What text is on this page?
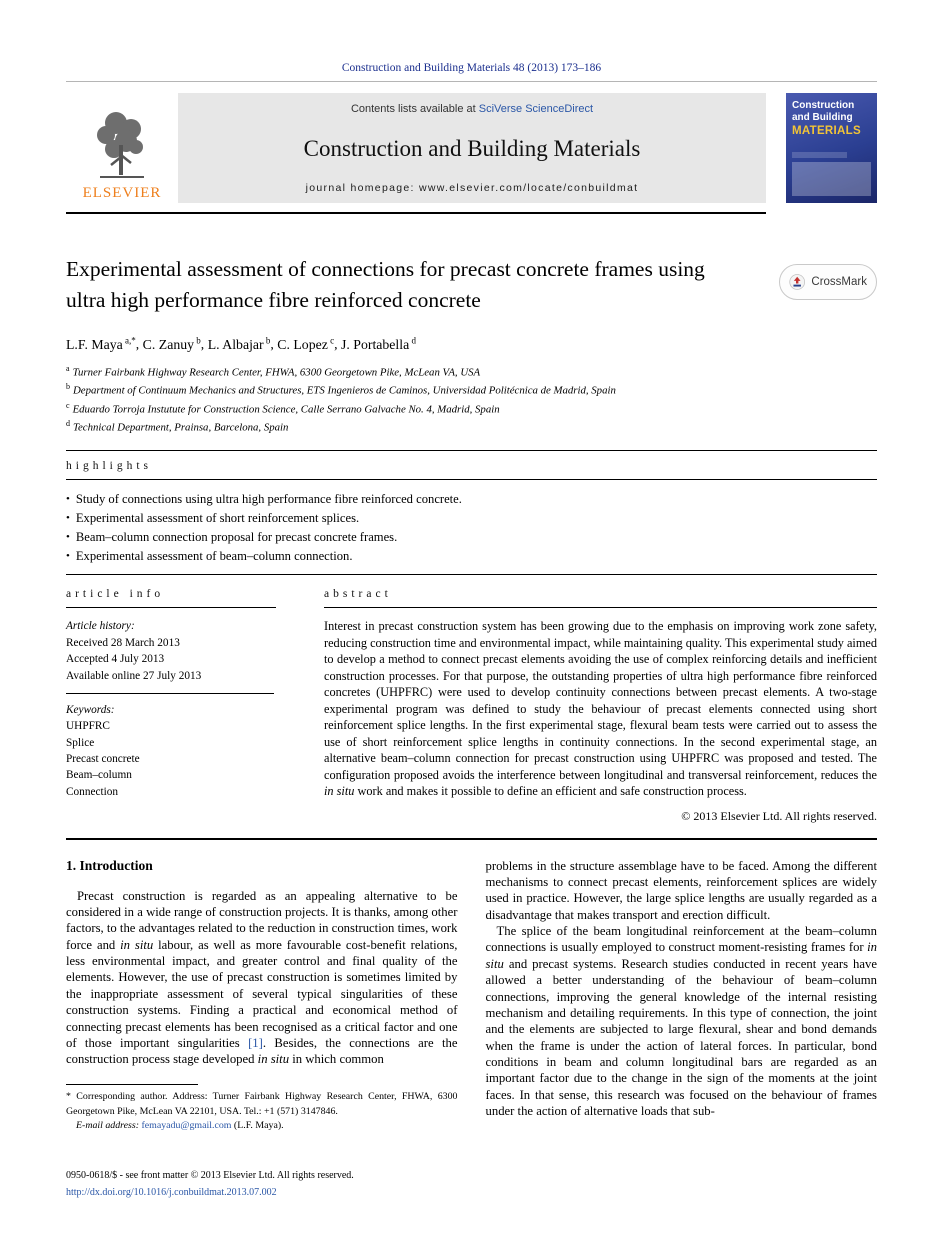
Construction and Building Materials 48 (2013) 173–186
ELSEVIER
Contents lists available at SciVerse ScienceDirect
Construction and Building Materials
journal homepage: www.elsevier.com/locate/conbuildmat
Construction
and Building
MATERIALS
Experimental assessment of connections for precast concrete frames using ultra high performance fibre reinforced concrete
CrossMark
L.F. Maya $^{a,*}$, C. Zanuy $^b$, L. Albajar $^b$, C. Lopez $^c$, J. Portabella $^d$
$^a$ Turner Fairbank Highway Research Center, FHWA, 6300 Georgetown Pike, McLean VA, USA
$^b$ Department of Continuum Mechanics and Structures, ETS Ingenieros de Caminos, Universidad Politécnica de Madrid, Spain
$^c$ Eduardo Torroja Instutute for Construction Science, Calle Serrano Galvache No. 4, Madrid, Spain
$^d$ Technical Department, Prainsa, Barcelona, Spain
highlights
• Study of connections using ultra high performance fibre reinforced concrete.
• Experimental assessment of short reinforcement splices.
• Beam–column connection proposal for precast concrete frames.
• Experimental assessment of beam–column connection.
article info
Article history:
Received 28 March 2013
Accepted 4 July 2013
Available online 27 July 2013
Keywords:
UHPFRC
Splice
Precast concrete
Beam–column
Connection
abstract
Interest in precast construction system has been growing due to the emphasis on improving work zone safety, reducing construction time and environmental impact, while maintaining quality. This experimental study aimed to develop a method to connect precast elements avoiding the use of complex reinforcing details and inefficient construction processes. For that purpose, the outstanding properties of ultra high performance fibre reinforced concretes (UHPFRC) were used to develop continuity connections between precast elements. A two-stage experimental program was defined to study the behaviour of precast elements connected using short reinforcement splice lengths. In the first experimental stage, flexural beam tests were carried out to assess the use of short reinforcement splice lengths in continuity connections. In the second experimental stage, an alternative beam–column connection for precast construction using UHPFRC was proposed and tested. The configuration proposed avoids the interference between longitudinal and transversal reinforcement, reduces the in situ work and makes it possible to define an efficient and safe construction process.
© 2013 Elsevier Ltd. All rights reserved.
1. Introduction

Precast construction is regarded as an appealing alternative to be considered in a wide range of construction projects. It is thanks, among other factors, to the advantages related to the reduction in construction times, work force and in situ labour, as well as more favourable cost-benefit relations, less environmental impact, and greater control and final quality of the elements. However, the use of precast construction is sometimes limited by the inappropriate assessment of several typical singularities of these construction systems. Finding a practical and economical method of connecting precast elements has been recognised as a critical factor and one of those important singularities [1]. Besides, the connections are the construction process stage developed in situ in which common

* Corresponding author. Address: Turner Fairbank Highway Research Center, FHWA, 6300 Georgetown Pike, McLean VA 22101, USA. Tel.: +1 (571) 3147846.
E-mail address: femayadu@gmail.com (L.F. Maya).

problems in the structure assemblage have to be faced. Among the different mechanisms to connect precast elements, reinforcement splices are widely used in practice. However, the large splice lengths are usually regarded as a disadvantage that makes transport and erection difficult.

The splice of the beam longitudinal reinforcement at the beam–column connections is usually employed to construct moment-resisting frames for in situ and precast systems. Research studies conducted in recent years have allowed a better understanding of the behaviour of beam–column connections, improving the general knowledge of the internal resisting mechanism and detailing requirements. In this type of connection, the joint and the elements are subjected to large flexural, shear and bond demands when the frame is under the action of lateral forces. In particular, bond conditions in beam and column longitudinal bars are regarded as an important factor due to the change in the sign of the moments at the joint faces. In that sense, this research was focused on the behaviour of frames under the action of alternative loads that sub-

0950-0618/$ - see front matter © 2013 Elsevier Ltd. All rights reserved.
http://dx.doi.org/10.1016/j.conbuildmat.2013.07.002
